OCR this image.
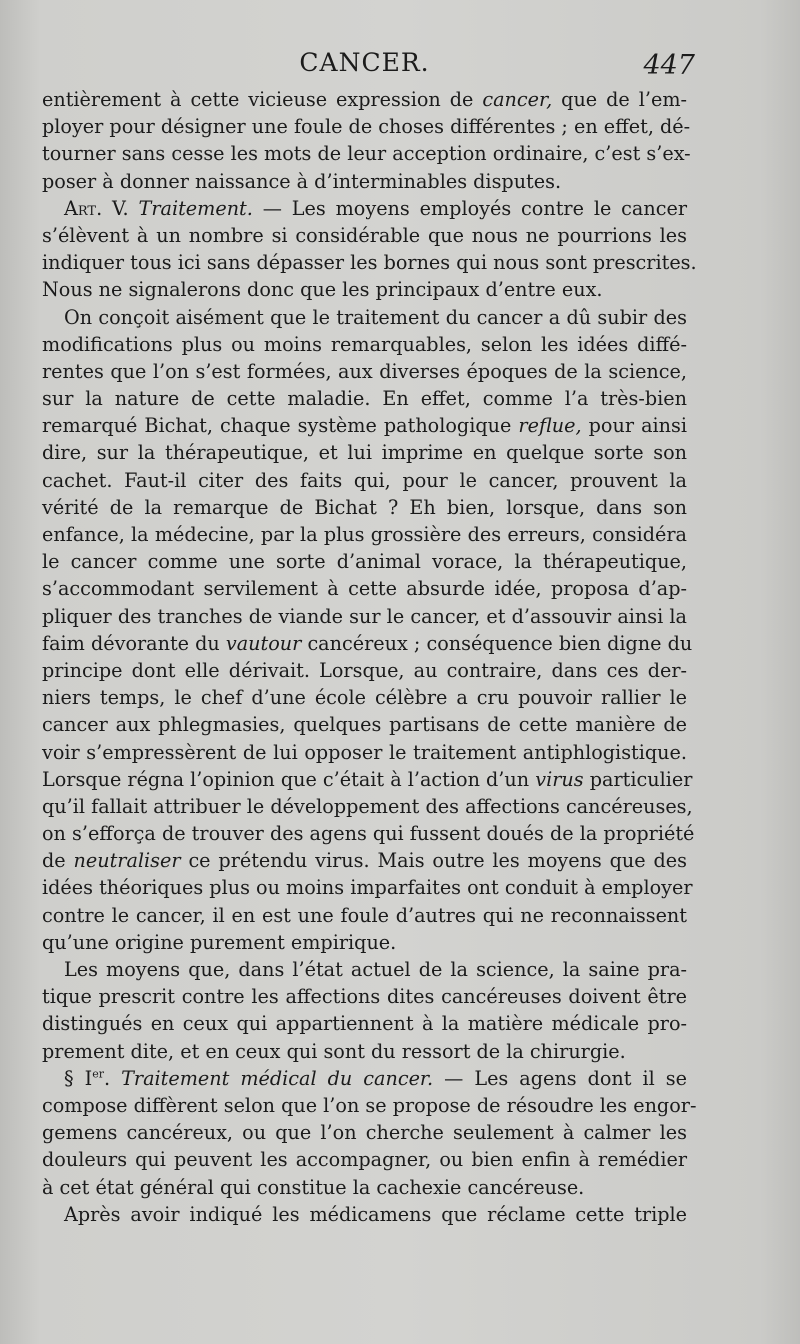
CANCER.	447
entièrement à cette vicieuse expression de cancer, que de l’em-
ployer pour désigner une foule de choses différentes ; en effet, dé-
tourner sans cesse les mots de leur acception ordinaire, c’est s’ex-
poser à donner naissance à d’interminables disputes.
Art. V. Traitement. — Les moyens employés contre le cancer
s’élèvent à un nombre si considérable que nous ne pourrions les
indiquer tous ici sans dépasser les bornes qui nous sont prescrites.
Nous ne signalerons donc que les principaux d’entre eux.
On conçoit aisément que le traitement du cancer a dû subir des
modifications plus ou moins remarquables, selon les idées diffé-
rentes que l’on s’est formées, aux diverses époques de la science,
sur la nature de cette maladie. En effet, comme l’a très-bien
remarqué Bichat, chaque système pathologique reflue, pour ainsi
dire, sur la thérapeutique, et lui imprime en quelque sorte son
cachet. Faut-il citer des faits qui, pour le cancer, prouvent la
vérité de la remarque de Bichat ? Eh bien, lorsque, dans son
enfance, la médecine, par la plus grossière des erreurs, considéra
le cancer comme une sorte d’animal vorace, la thérapeutique,
s’accommodant servilement à cette absurde idée, proposa d’ap-
pliquer des tranches de viande sur le cancer, et d’assouvir ainsi la
faim dévorante du vautour cancéreux ; conséquence bien digne du
principe dont elle dérivait. Lorsque, au contraire, dans ces der-
niers temps, le chef d’une école célèbre a cru pouvoir rallier le
cancer aux phlegmasies, quelques partisans de cette manière de
voir s’empressèrent de lui opposer le traitement antiphlogistique.
Lorsque régna l’opinion que c’était à l’action d’un virus particulier
qu’il fallait attribuer le développement des affections cancéreuses,
on s’efforça de trouver des agens qui fussent doués de la propriété
de neutraliser ce prétendu virus. Mais outre les moyens que des
idées théoriques plus ou moins imparfaites ont conduit à employer
contre le cancer, il en est une foule d’autres qui ne reconnaissent
qu’une origine purement empirique.
Les moyens que, dans l’état actuel de la science, la saine pra-
tique prescrit contre les affections dites cancéreuses doivent être
distingués en ceux qui appartiennent à la matière médicale pro-
prement dite, et en ceux qui sont du ressort de la chirurgie.
§ Ier. Traitement médical du cancer. — Les agens dont il se
compose diffèrent selon que l’on se propose de résoudre les engor-
gemens cancéreux, ou que l’on cherche seulement à calmer les
douleurs qui peuvent les accompagner, ou bien enfin à remédier
à cet état général qui constitue la cachexie cancéreuse.
Après avoir indiqué les médicamens que réclame cette triple
